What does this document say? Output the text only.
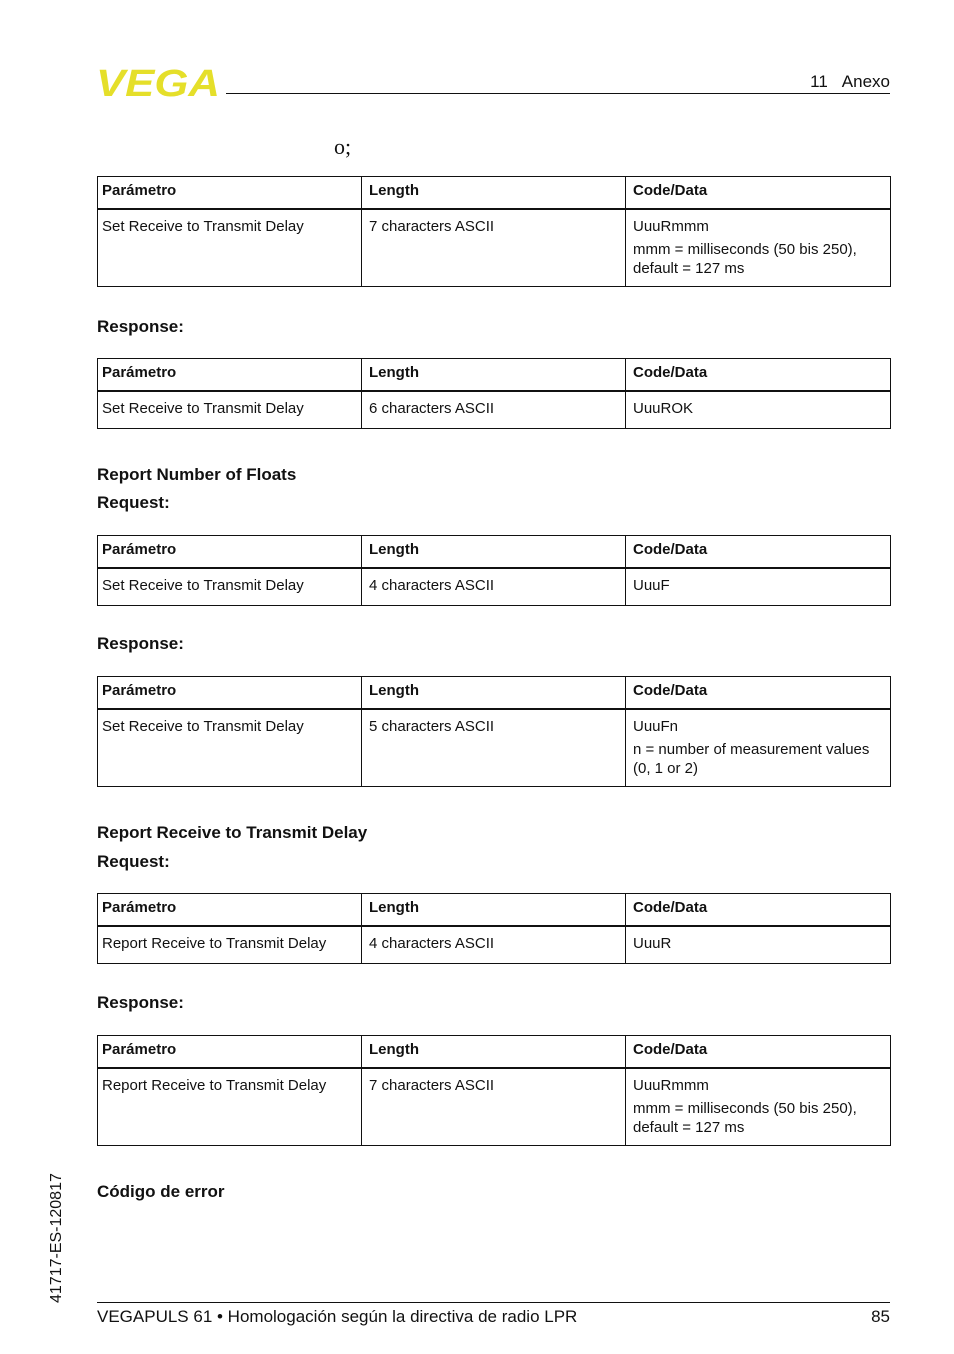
VEGA	11 Anexo
o;
Parámetro	Length	Code/Data
Set Receive to Transmit Delay	7 characters ASCII	UuuRmmm
mmm = milliseconds (50 bis 250), default = 127 ms
Response:
Parámetro	Length	Code/Data
Set Receive to Transmit Delay	6 characters ASCII	UuuROK
Report Number of Floats
Request:
Parámetro	Length	Code/Data
Set Receive to Transmit Delay	4 characters ASCII	UuuF
Response:
Parámetro	Length	Code/Data
Set Receive to Transmit Delay	5 characters ASCII	UuuFn
n = number of measurement values (0, 1 or 2)
Report Receive to Transmit Delay
Request:
Parámetro	Length	Code/Data
Report Receive to Transmit Delay	4 characters ASCII	UuuR
Response:
Parámetro	Length	Code/Data
Report Receive to Transmit Delay	7 characters ASCII	UuuRmmm
mmm = milliseconds (50 bis 250), default = 127 ms
Código de error
41717-ES-120817
VEGAPULS 61 • Homologación según la directiva de radio LPR	85
